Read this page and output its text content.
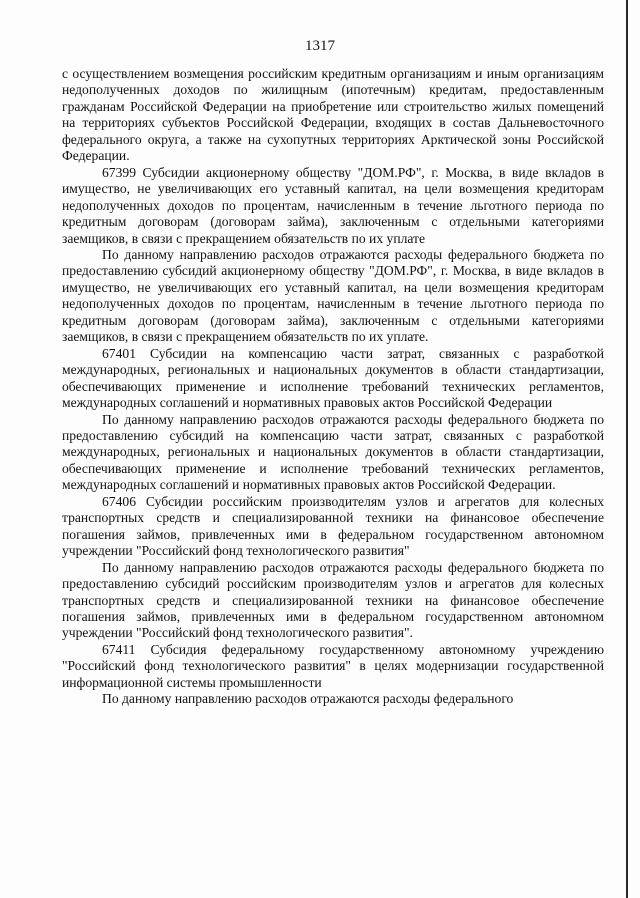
1317

с осуществлением возмещения российским кредитным организациям и иным организациям недополученных доходов по жилищным (ипотечным) кредитам, предоставленным гражданам Российской Федерации на приобретение или строительство жилых помещений на территориях субъектов Российской Федерации, входящих в состав Дальневосточного федерального округа, а также на сухопутных территориях Арктической зоны Российской Федерации.

67399 Субсидии акционерному обществу "ДОМ.РФ", г. Москва, в виде вкладов в имущество, не увеличивающих его уставный капитал, на цели возмещения кредиторам недополученных доходов по процентам, начисленным в течение льготного периода по кредитным договорам (договорам займа), заключенным с отдельными категориями заемщиков, в связи с прекращением обязательств по их уплате

По данному направлению расходов отражаются расходы федерального бюджета по предоставлению субсидий акционерному обществу "ДОМ.РФ", г. Москва, в виде вкладов в имущество, не увеличивающих его уставный капитал, на цели возмещения кредиторам недополученных доходов по процентам, начисленным в течение льготного периода по кредитным договорам (договорам займа), заключенным с отдельными категориями заемщиков, в связи с прекращением обязательств по их уплате.

67401 Субсидии на компенсацию части затрат, связанных с разработкой международных, региональных и национальных документов в области стандартизации, обеспечивающих применение и исполнение требований технических регламентов, международных соглашений и нормативных правовых актов Российской Федерации

По данному направлению расходов отражаются расходы федерального бюджета по предоставлению субсидий на компенсацию части затрат, связанных с разработкой международных, региональных и национальных документов в области стандартизации, обеспечивающих применение и исполнение требований технических регламентов, международных соглашений и нормативных правовых актов Российской Федерации.

67406 Субсидии российским производителям узлов и агрегатов для колесных транспортных средств и специализированной техники на финансовое обеспечение погашения займов, привлеченных ими в федеральном государственном автономном учреждении "Российский фонд технологического развития"

По данному направлению расходов отражаются расходы федерального бюджета по предоставлению субсидий российским производителям узлов и агрегатов для колесных транспортных средств и специализированной техники на финансовое обеспечение погашения займов, привлеченных ими в федеральном государственном автономном учреждении "Российский фонд технологического развития".

67411 Субсидия федеральному государственному автономному учреждению "Российский фонд технологического развития" в целях модернизации государственной информационной системы промышленности

По данному направлению расходов отражаются расходы федерального
